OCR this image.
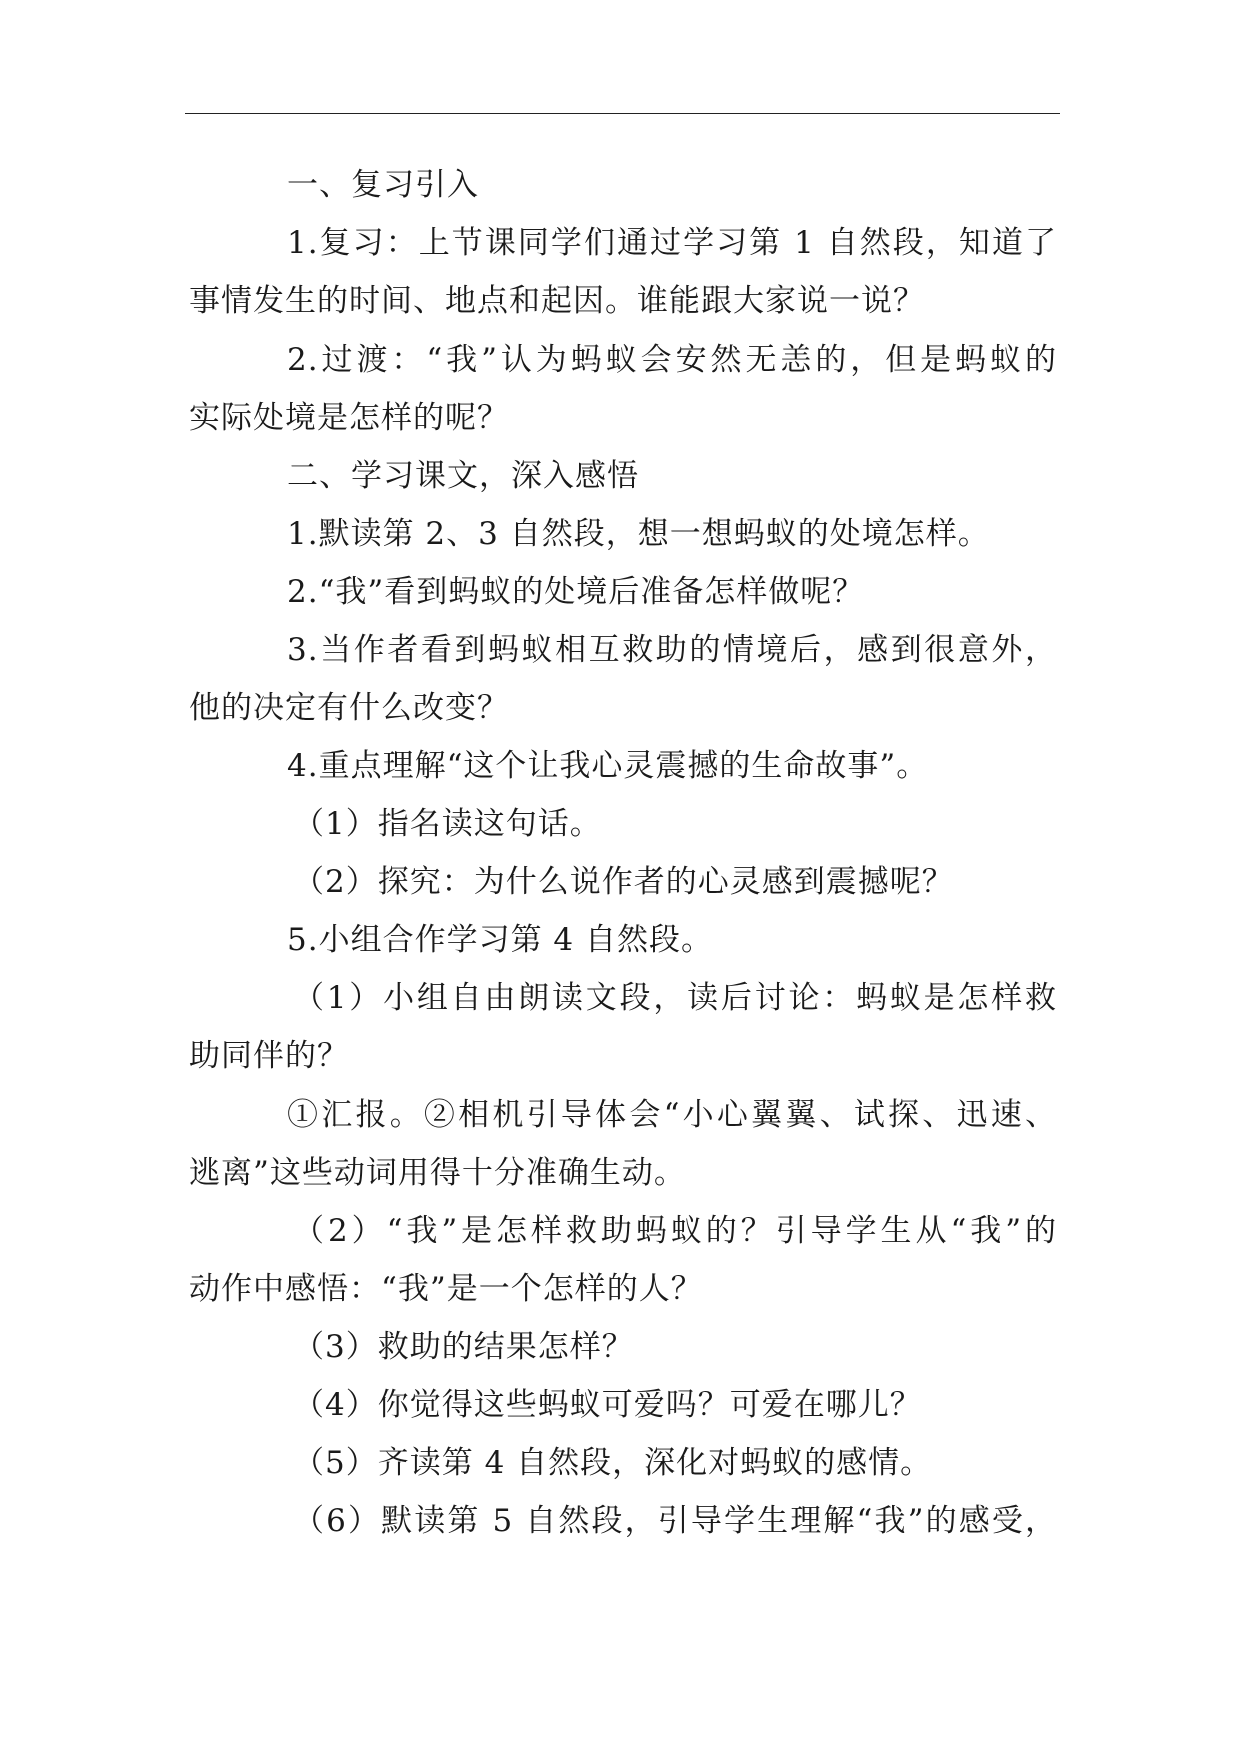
一、复习引入
1.复习：上节课同学们通过学习第 1 自然段，知道了
事情发生的时间、地点和起因。谁能跟大家说一说？
2.过渡：“我”认为蚂蚁会安然无恙的，但是蚂蚁的
实际处境是怎样的呢？
二、学习课文，深入感悟
1.默读第 2、3 自然段，想一想蚂蚁的处境怎样。
2.“我”看到蚂蚁的处境后准备怎样做呢？
3.当作者看到蚂蚁相互救助的情境后，感到很意外，
他的决定有什么改变？
4.重点理解“这个让我心灵震撼的生命故事”。
（1）指名读这句话。
（2）探究：为什么说作者的心灵感到震撼呢？
5.小组合作学习第 4 自然段。
（1）小组自由朗读文段，读后讨论：蚂蚁是怎样救
助同伴的？
①汇报。②相机引导体会“小心翼翼、试探、迅速、
逃离”这些动词用得十分准确生动。
（2）“我”是怎样救助蚂蚁的？引导学生从“我”的
动作中感悟：“我”是一个怎样的人？
（3）救助的结果怎样？
（4）你觉得这些蚂蚁可爱吗？可爱在哪儿？
（5）齐读第 4 自然段，深化对蚂蚁的感情。
（6）默读第 5 自然段，引导学生理解“我”的感受，
